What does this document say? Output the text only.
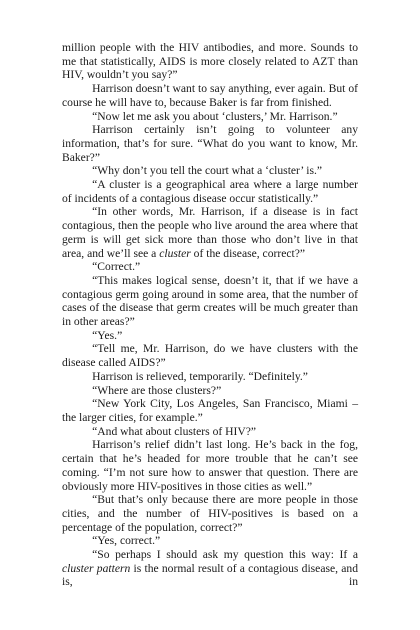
million people with the HIV antibodies, and more. Sounds to me that statistically, AIDS is more closely related to AZT than HIV, wouldn’t you say?”

Harrison doesn’t want to say anything, ever again. But of course he will have to, because Baker is far from finished.

“Now let me ask you about ‘clusters,’ Mr. Harrison.”

Harrison certainly isn’t going to volunteer any information, that’s for sure. “What do you want to know, Mr. Baker?”

“Why don’t you tell the court what a ‘cluster’ is.”

“A cluster is a geographical area where a large number of incidents of a contagious disease occur statistically.”

“In other words, Mr. Harrison, if a disease is in fact contagious, then the people who live around the area where that germ is will get sick more than those who don’t live in that area, and we’ll see a cluster of the disease, correct?”

“Correct.”

“This makes logical sense, doesn’t it, that if we have a contagious germ going around in some area, that the number of cases of the disease that germ creates will be much greater than in other areas?”

“Yes.”

“Tell me, Mr. Harrison, do we have clusters with the disease called AIDS?”

Harrison is relieved, temporarily. “Definitely.”

“Where are those clusters?”

“New York City, Los Angeles, San Francisco, Miami – the larger cities, for example.”

“And what about clusters of HIV?”

Harrison’s relief didn’t last long. He’s back in the fog, certain that he’s headed for more trouble that he can’t see coming. “I’m not sure how to answer that question. There are obviously more HIV-positives in those cities as well.”

“But that’s only because there are more people in those cities, and the number of HIV-positives is based on a percentage of the population, correct?”

“Yes, correct.”

“So perhaps I should ask my question this way: If a cluster pattern is the normal result of a contagious disease, and is, in
